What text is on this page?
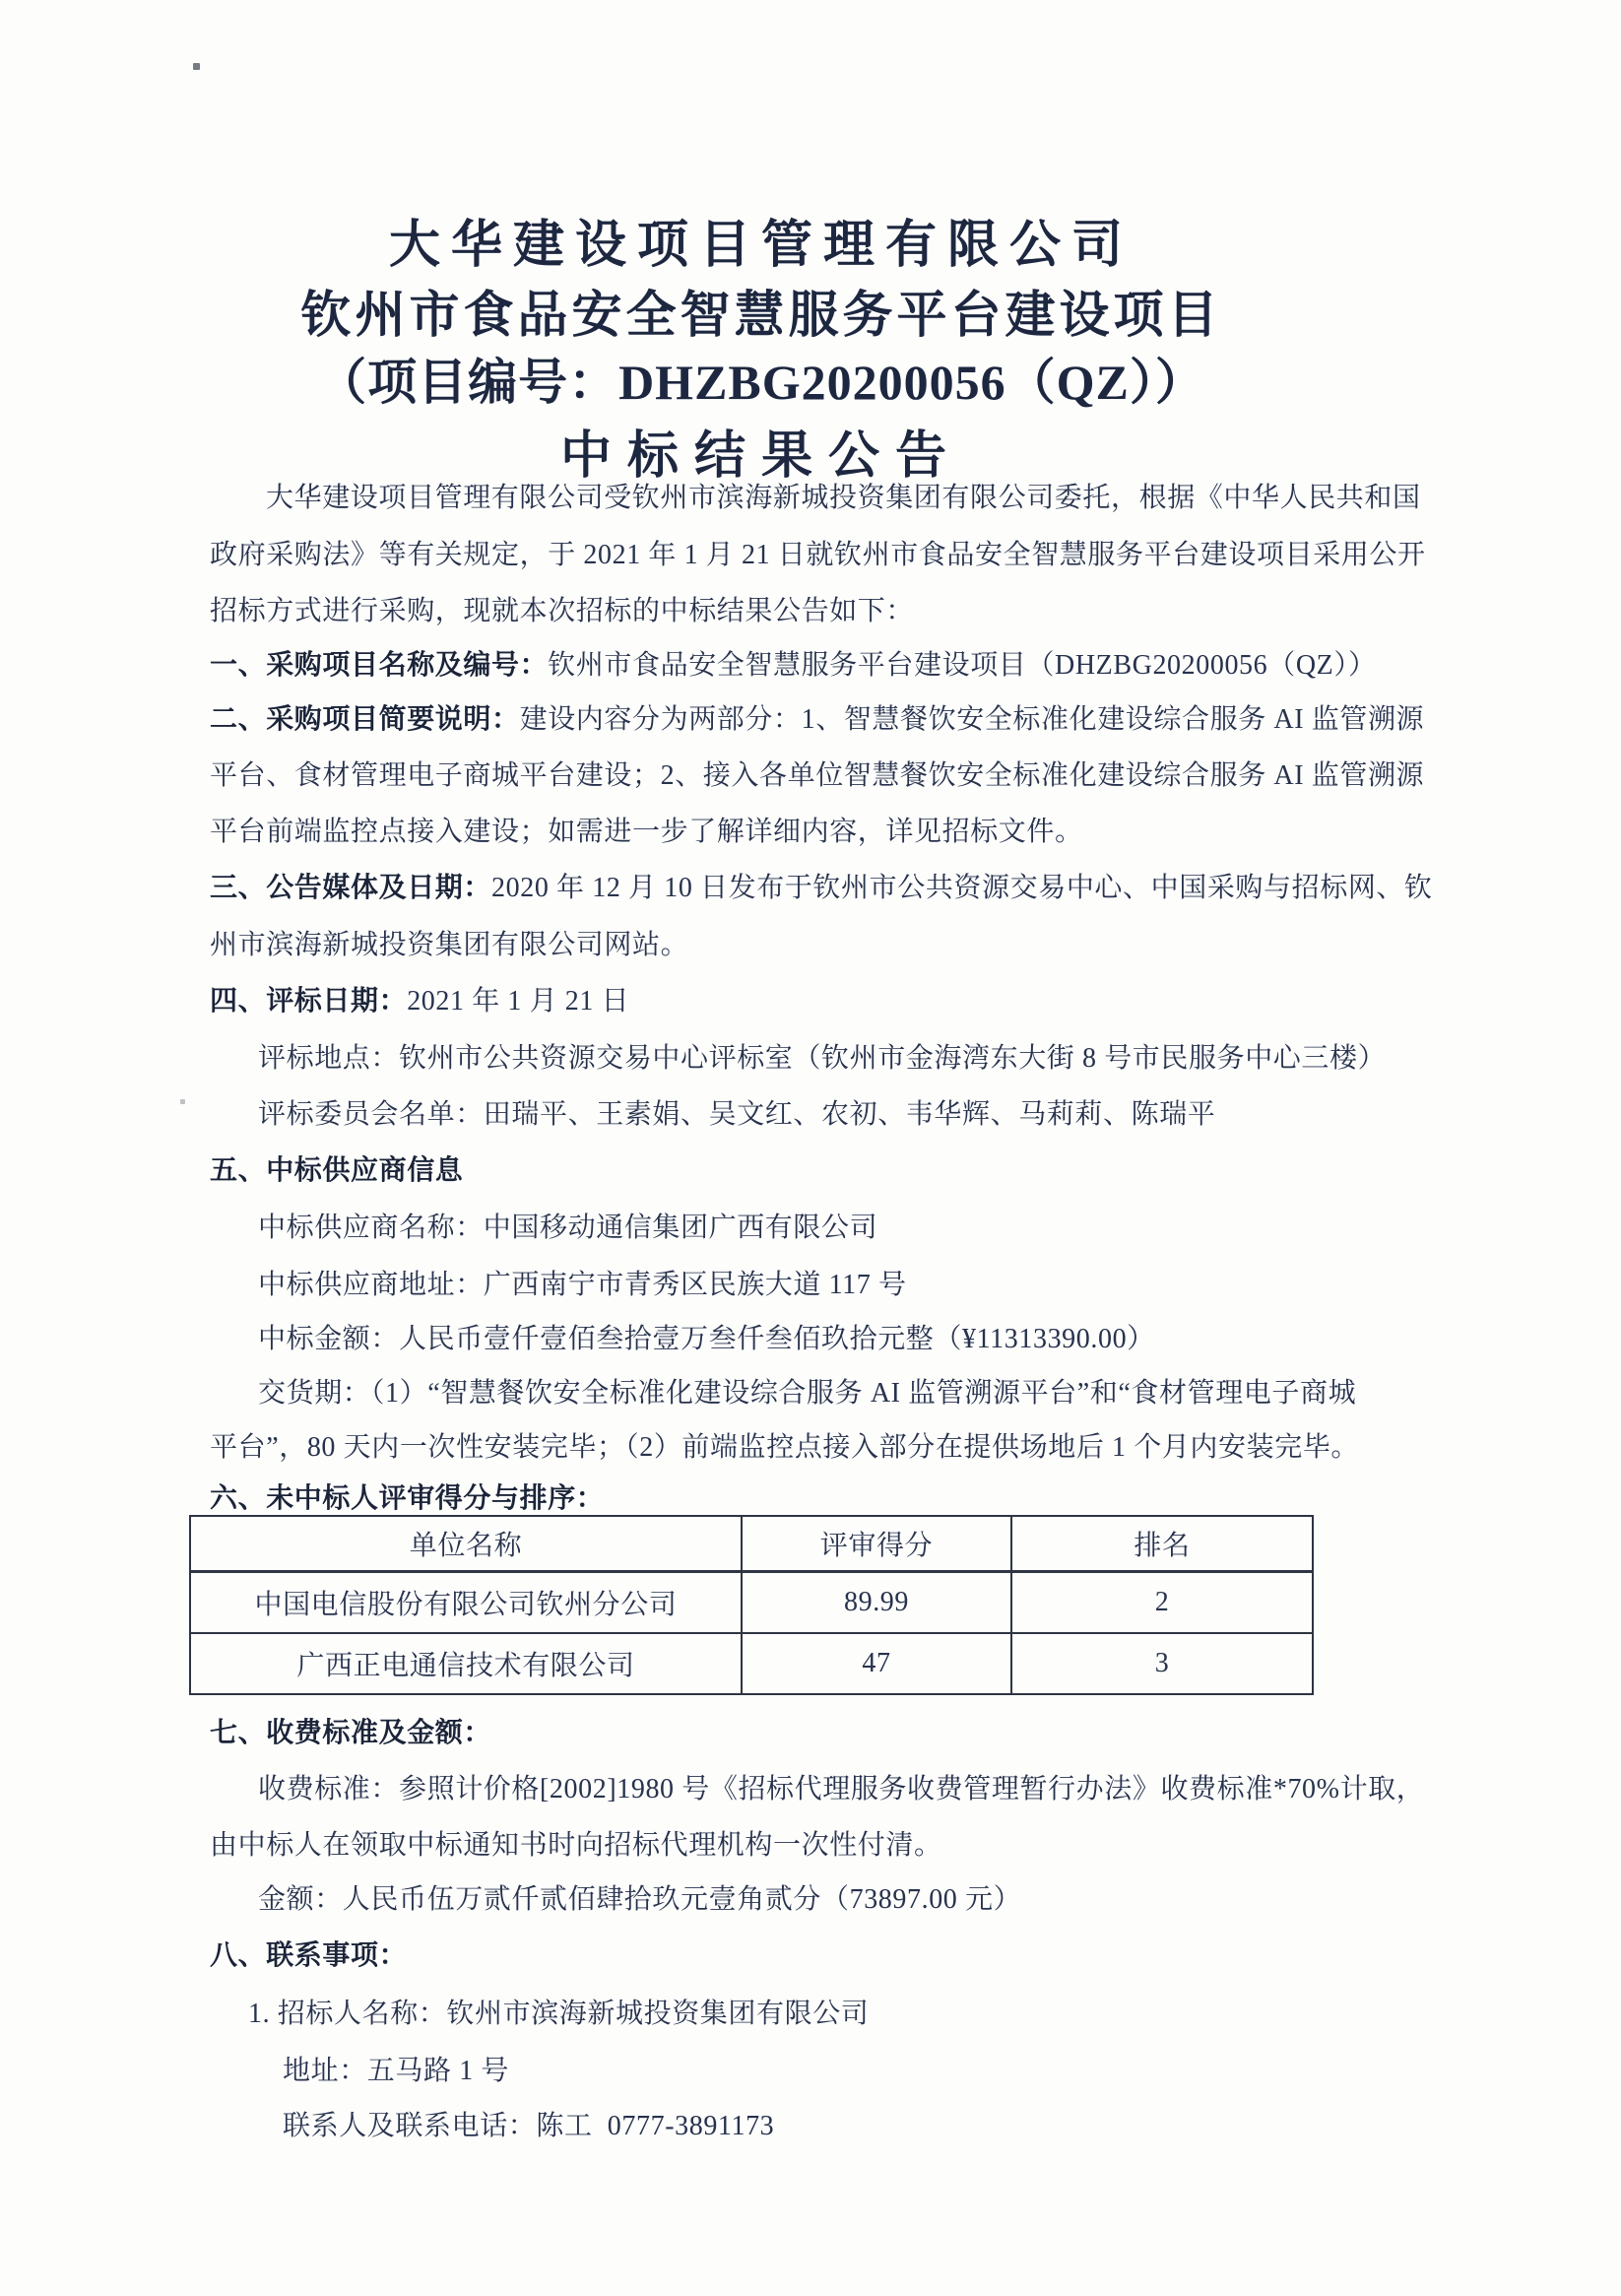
大华建设项目管理有限公司
钦州市食品安全智慧服务平台建设项目
（项目编号：DHZBG20200056（QZ））
中标结果公告
大华建设项目管理有限公司受钦州市滨海新城投资集团有限公司委托，根据《中华人民共和国
政府采购法》等有关规定，于 2021 年 1 月 21 日就钦州市食品安全智慧服务平台建设项目采用公开
招标方式进行采购，现就本次招标的中标结果公告如下：
一、采购项目名称及编号：钦州市食品安全智慧服务平台建设项目（DHZBG20200056（QZ））
二、采购项目简要说明：建设内容分为两部分：1、智慧餐饮安全标准化建设综合服务 AI 监管溯源
平台、食材管理电子商城平台建设；2、接入各单位智慧餐饮安全标准化建设综合服务 AI 监管溯源
平台前端监控点接入建设；如需进一步了解详细内容，详见招标文件。
三、公告媒体及日期：2020 年 12 月 10 日发布于钦州市公共资源交易中心、中国采购与招标网、钦
州市滨海新城投资集团有限公司网站。
四、评标日期：2021 年 1 月 21 日
评标地点：钦州市公共资源交易中心评标室（钦州市金海湾东大街 8 号市民服务中心三楼）
评标委员会名单：田瑞平、王素娟、吴文红、农初、韦华辉、马莉莉、陈瑞平
五、中标供应商信息
中标供应商名称：中国移动通信集团广西有限公司
中标供应商地址：广西南宁市青秀区民族大道 117 号
中标金额：人民币壹仟壹佰叁拾壹万叁仟叁佰玖拾元整（¥11313390.00）
交货期：（1）“智慧餐饮安全标准化建设综合服务 AI 监管溯源平台”和“食材管理电子商城
平台”，80 天内一次性安装完毕；（2）前端监控点接入部分在提供场地后 1 个月内安装完毕。
六、未中标人评审得分与排序：
单位名称	评审得分	排名
中国电信股份有限公司钦州分公司	89.99	2
广西正电通信技术有限公司	47	3
七、收费标准及金额：
收费标准：参照计价格[2002]1980 号《招标代理服务收费管理暂行办法》收费标准*70%计取，
由中标人在领取中标通知书时向招标代理机构一次性付清。
金额：人民币伍万贰仟贰佰肆拾玖元壹角贰分（73897.00 元）
八、联系事项：
1. 招标人名称：钦州市滨海新城投资集团有限公司
地址：五马路 1 号
联系人及联系电话：陈工  0777-3891173
